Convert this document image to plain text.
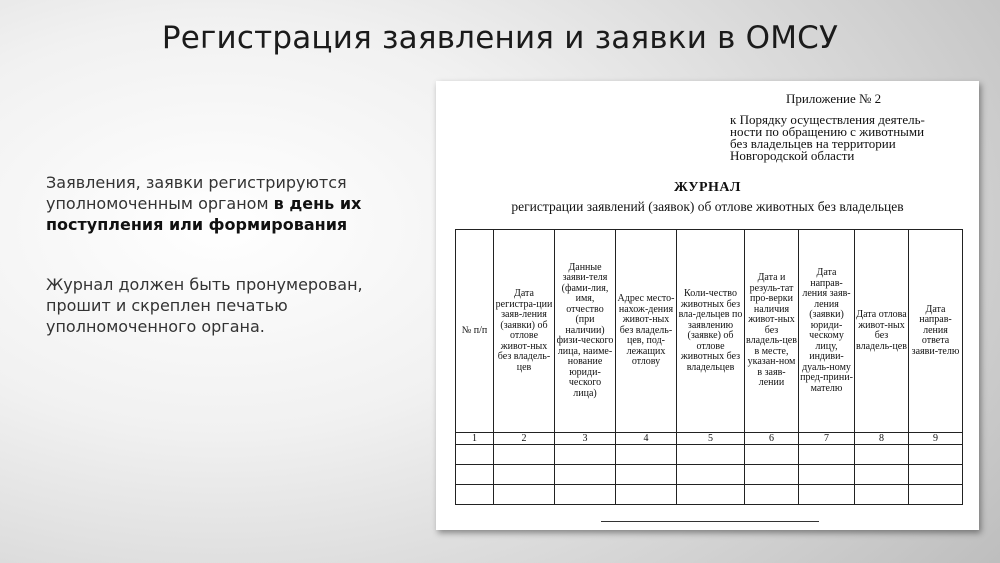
Регистрация заявления и заявки в ОМСУ

Заявления, заявки регистрируются уполномоченным органом в день их поступления или формирования

Журнал должен быть пронумерован, прошит и скреплен печатью уполномоченного органа.

Приложение № 2
к Порядку осуществления деятель-
ности по обращению с животными
без владельцев на территории
Новгородской области
ЖУРНАЛ
регистрации заявлений (заявок) об отлове животных без владельцев
№ п/п	Дата регистра-ции заяв-ления (заявки) об отлове живот-ных без владель-цев	Данные заяви-теля (фами-лия, имя, отчество (при наличии) физи-ческого лица, наиме-нование юриди-ческого лица)	Адрес место-нахож-дения живот-ных без владель-цев, под-лежащих отлову	Коли-чество животных без вла-дельцев по заявлению (заявке) об отлове животных без владельцев	Дата и резуль-тат про-верки наличия живот-ных без владель-цев в месте, указан-ном в заяв-лении	Дата направ-ления заяв-ления (заявки) юриди-ческому лицу, индиви-дуаль-ному пред-прини-мателю	Дата отлова живот-ных без владель-цев	Дата направ-ления ответа заяви-телю
1	2	3	4	5	6	7	8	9
